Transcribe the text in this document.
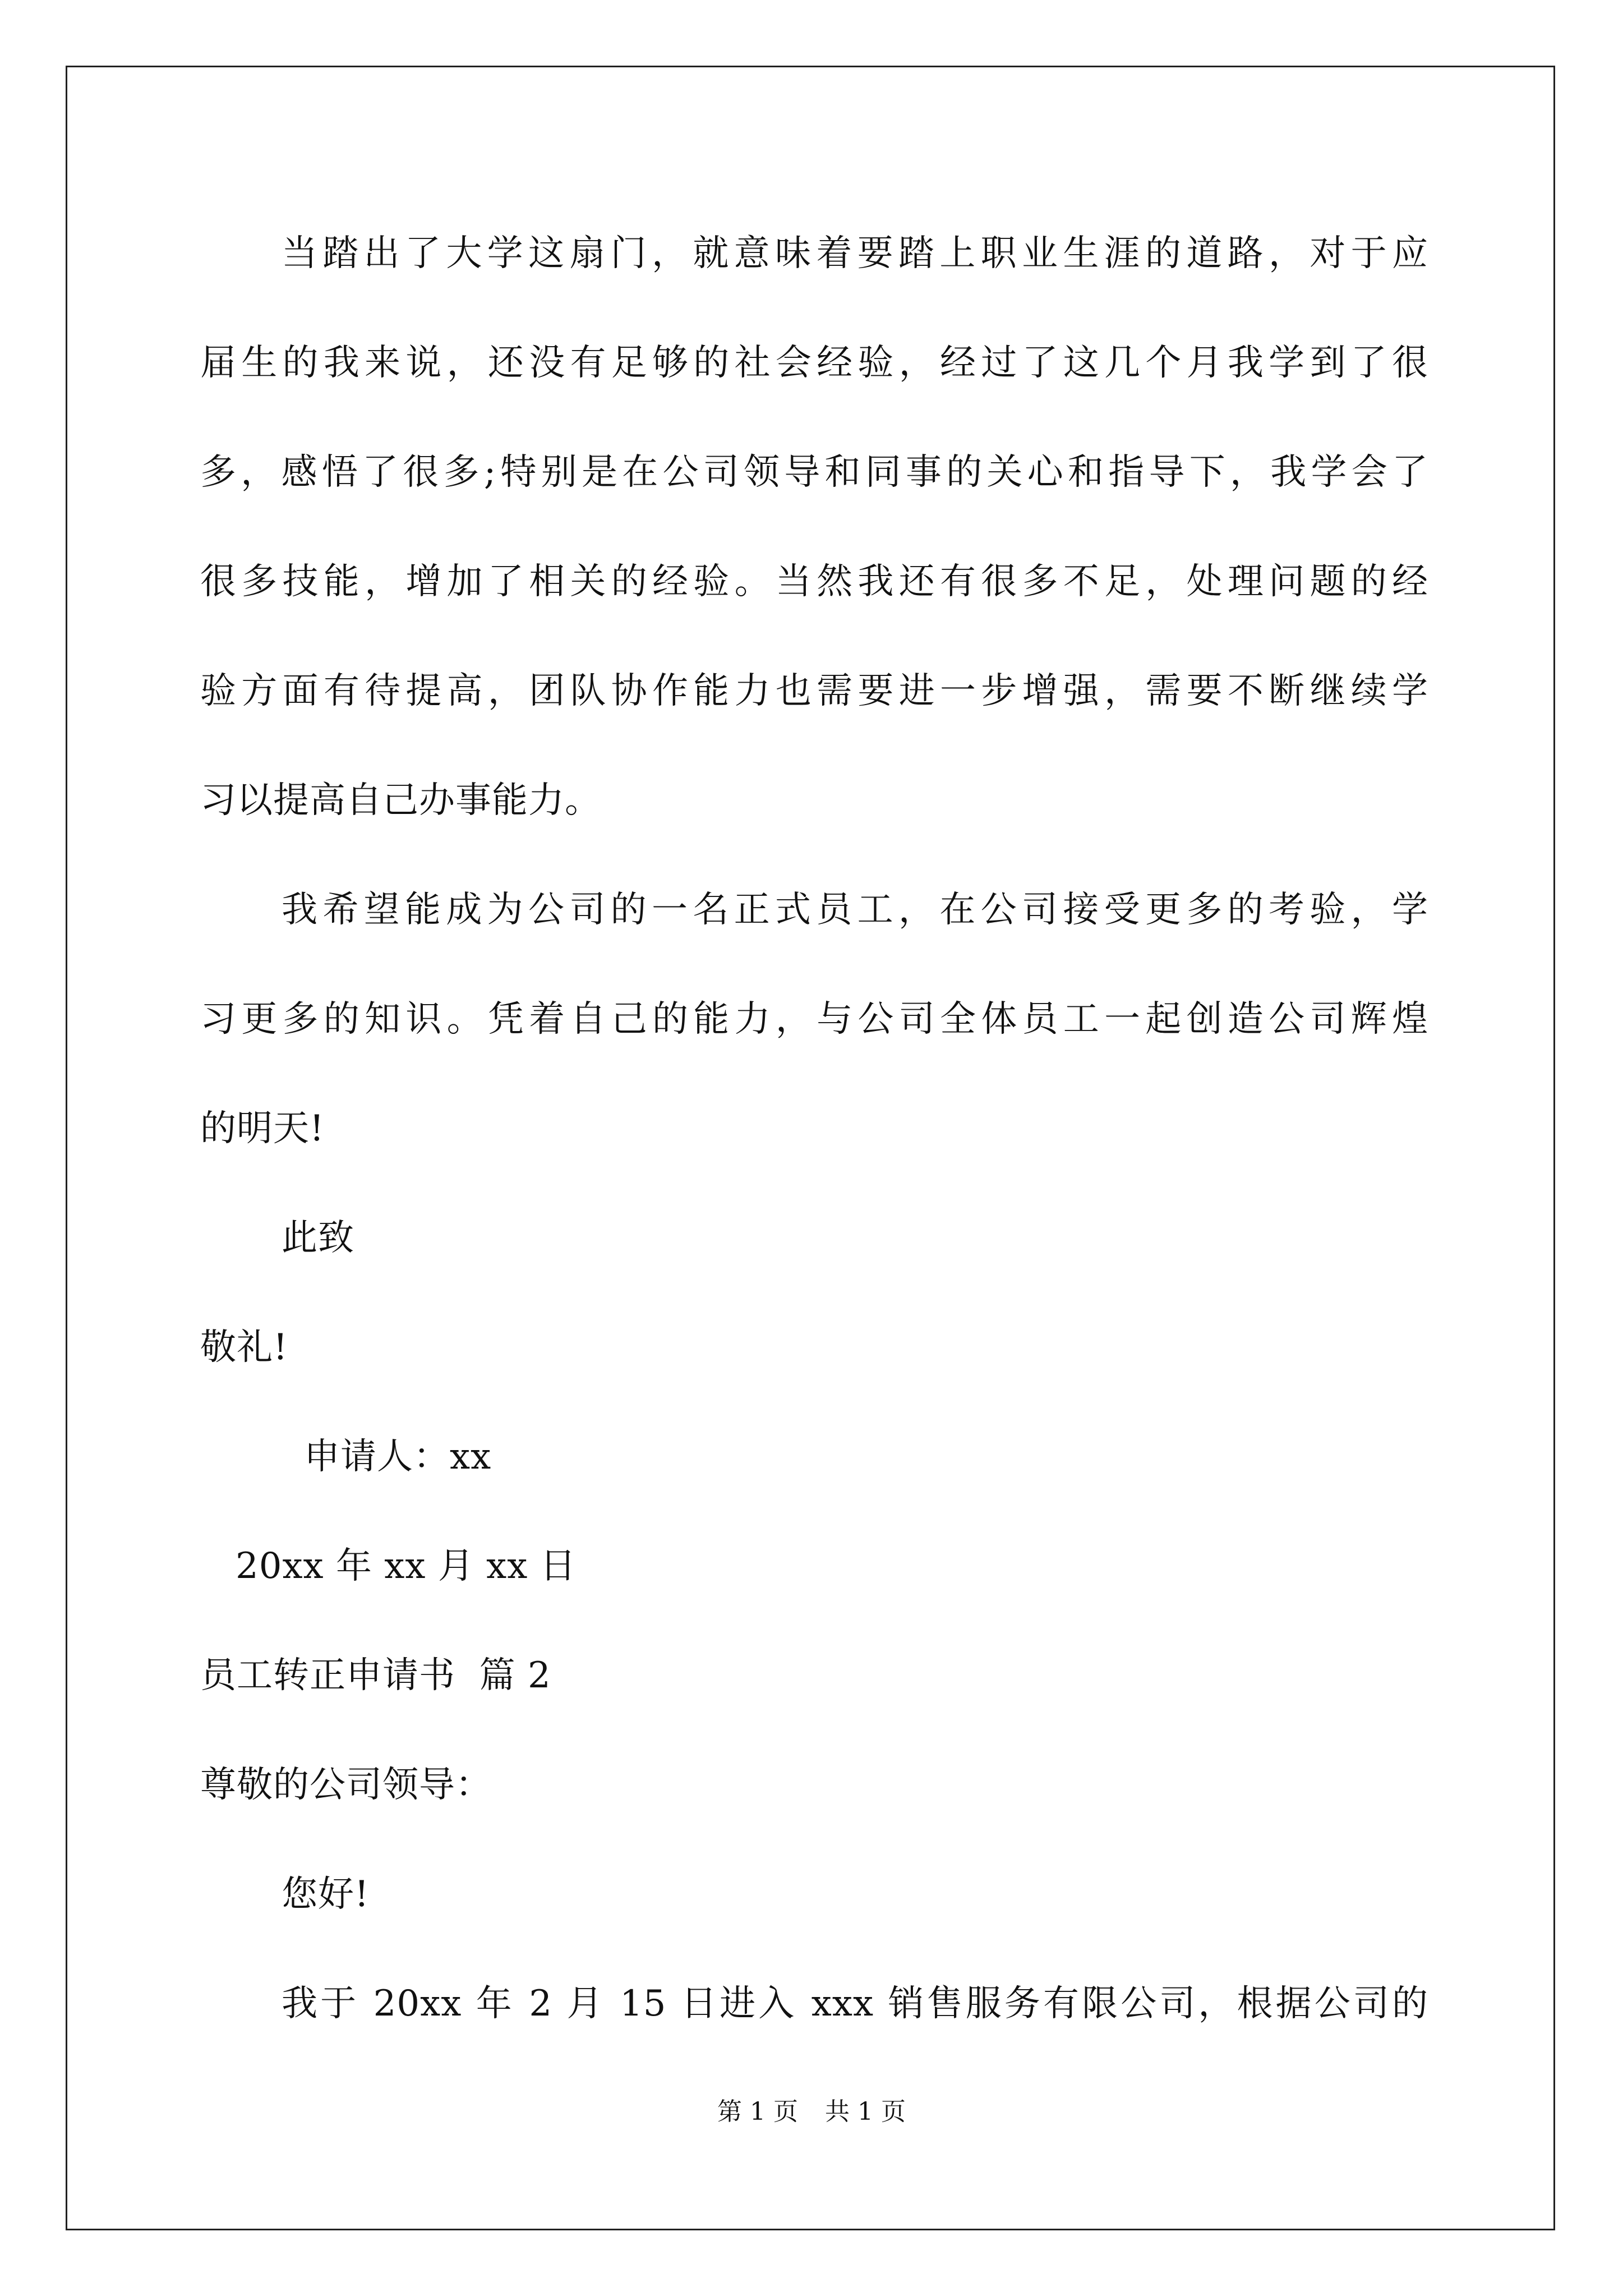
当踏出了大学这扇门，就意味着要踏上职业生涯的道路，对于应
届生的我来说，还没有足够的社会经验，经过了这几个月我学到了很
多，感悟了很多;特别是在公司领导和同事的关心和指导下，我学会了
很多技能，增加了相关的经验。当然我还有很多不足，处理问题的经
验方面有待提高，团队协作能力也需要进一步增强，需要不断继续学
习以提高自己办事能力。
我希望能成为公司的一名正式员工，在公司接受更多的考验，学
习更多的知识。凭着自己的能力，与公司全体员工一起创造公司辉煌
的明天!
此致
敬礼!
申请人：xx
20xx 年 xx 月 xx 日
员工转正申请书  篇 2
尊敬的公司领导：
您好!
我于 20xx 年 2 月 15 日进入 xxx 销售服务有限公司，根据公司的
第 1 页 共 1 页
